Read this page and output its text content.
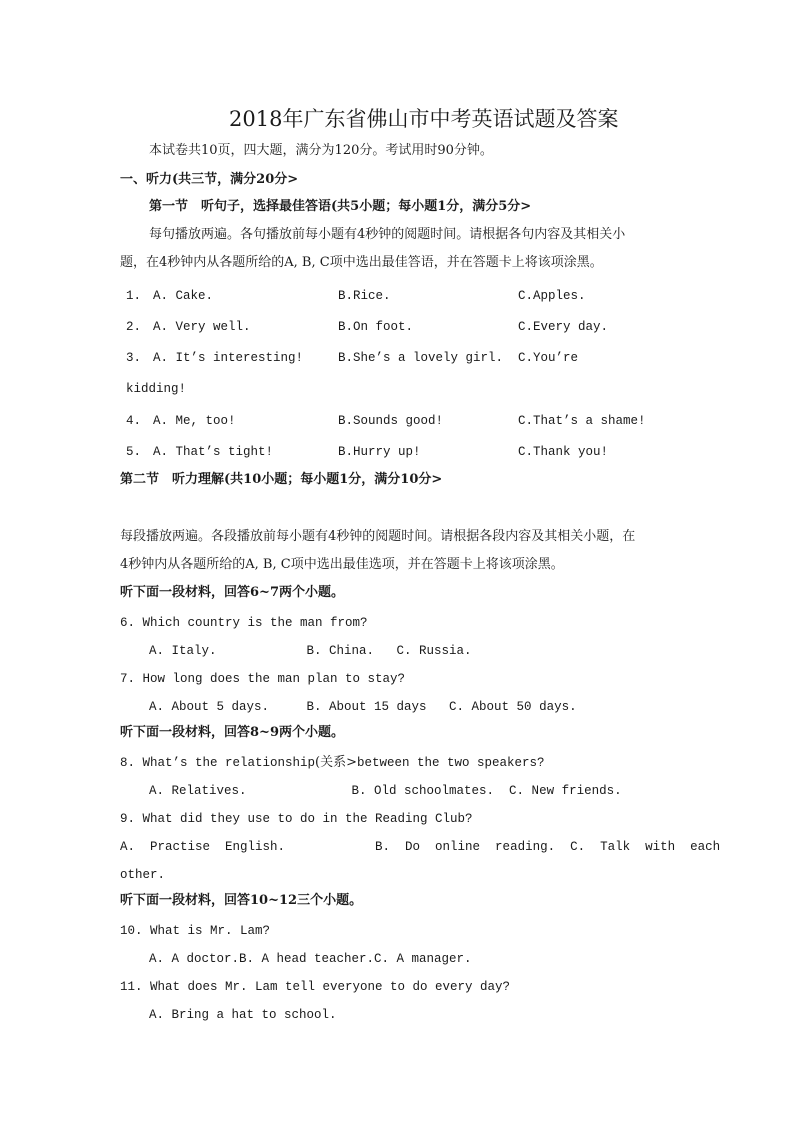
2018年广东省佛山市中考英语试题及答案
本试卷共10页，四大题，满分为120分。考试用时90分钟。
一、听力(共三节，满分20分>
第一节　听句子，选择最佳答语(共5小题；每小题1分，满分5分>
每句播放两遍。各句播放前每小题有4秒钟的阅题时间。请根据各句内容及其相关小
题，在4秒钟内从各题所给的A, B, C项中选出最佳答语，并在答题卡上将该项涂黑。
1. A. Cake.	B.Rice.	C.Apples.
2. A. Very well.	B.On foot.	C.Every day.
3. A. It’s interesting!	B.She’s a lovely girl. C.You’re
kidding!
4. A. Me, too!	B.Sounds good!	C.That’s a shame!
5. A. That’s tight!	B.Hurry up!	C.Thank you!
第二节　听力理解(共10小题；每小题1分，满分10分>
每段播放两遍。各段播放前每小题有4秒钟的阅题时间。请根据各段内容及其相关小题，在
4秒钟内从各题所给的A, B, C项中选出最佳选项，并在答题卡上将该项涂黑。
听下面一段材料，回答6~7两个小题。
6. Which country is the man from?
A. Italy.            B. China.   C. Russia.
7. How long does the man plan to stay?
A. About 5 days.     B. About 15 days   C. About 50 days.
听下面一段材料，回答8~9两个小题。
8. What’s the relationship(关系>between the two speakers?
A. Relatives.              B. Old schoolmates.  C. New friends.
9. What did they use to do in the Reading Club?
A.  Practise  English.            B.  Do  online  reading.  C.  Talk  with  each
other.
听下面一段材料，回答10~12三个小题。
10. What is Mr. Lam?
A. A doctor.B. A head teacher.C. A manager.
11. What does Mr. Lam tell everyone to do every day?
A. Bring a hat to school.
